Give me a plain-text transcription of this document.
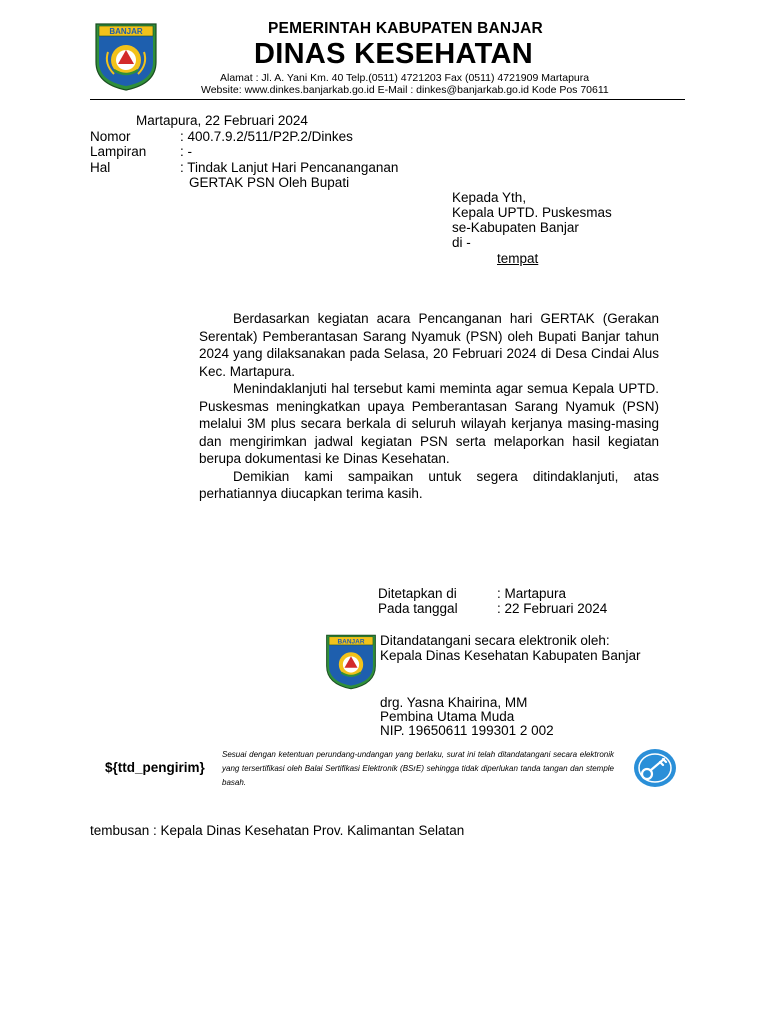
BANJAR	PEMERINTAH KABUPATEN BANJAR
DINAS KESEHATAN
Alamat : Jl. A. Yani Km. 40 Telp.(0511) 4721203 Fax (0511) 4721909 Martapura
Website: www.dinkes.banjarkab.go.id E-Mail : dinkes@banjarkab.go.id Kode Pos 70611
Martapura, 22 Februari 2024
Nomor	: 400.7.9.2/511/P2P.2/Dinkes
Lampiran : -
Hal	: Tindak Lanjut Hari Pencananganan
GERTAK PSN Oleh Bupati
Kepada Yth,
Kepala UPTD. Puskesmas
se-Kabupaten Banjar
di -
tempat

Berdasarkan kegiatan acara Pencanganan hari GERTAK (Gerakan Serentak) Pemberantasan Sarang Nyamuk (PSN) oleh Bupati Banjar tahun 2024 yang dilaksanakan pada Selasa, 20 Februari 2024 di Desa Cindai Alus Kec. Martapura.

Menindaklanjuti hal tersebut kami meminta agar semua Kepala UPTD. Puskesmas meningkatkan upaya Pemberantasan Sarang Nyamuk (PSN) melalui 3M plus secara berkala di seluruh wilayah kerjanya masing-masing dan mengirimkan jadwal kegiatan PSN serta melaporkan hasil kegiatan berupa dokumentasi ke Dinas Kesehatan.

Demikian kami sampaikan untuk segera ditindaklanjuti, atas perhatiannya diucapkan terima kasih.

Ditetapkan di	: Martapura
Pada tanggal	: 22 Februari 2024
BANJAR Ditandatangani secara elektronik oleh:
Kepala Dinas Kesehatan Kabupaten Banjar
drg. Yasna Khairina, MM
Pembina Utama Muda
NIP. 19650611 199301 2 002
${ttd_pengirim}
Sesuai dengan ketentuan perundang-undangan yang berlaku, surat ini telah ditandatangani secara elektronik yang tersertifikasi oleh Balai Sertifikasi Elektronik (BSrE) sehingga tidak diperlukan tanda tangan dan stemple basah.
tembusan : Kepala Dinas Kesehatan Prov. Kalimantan Selatan
